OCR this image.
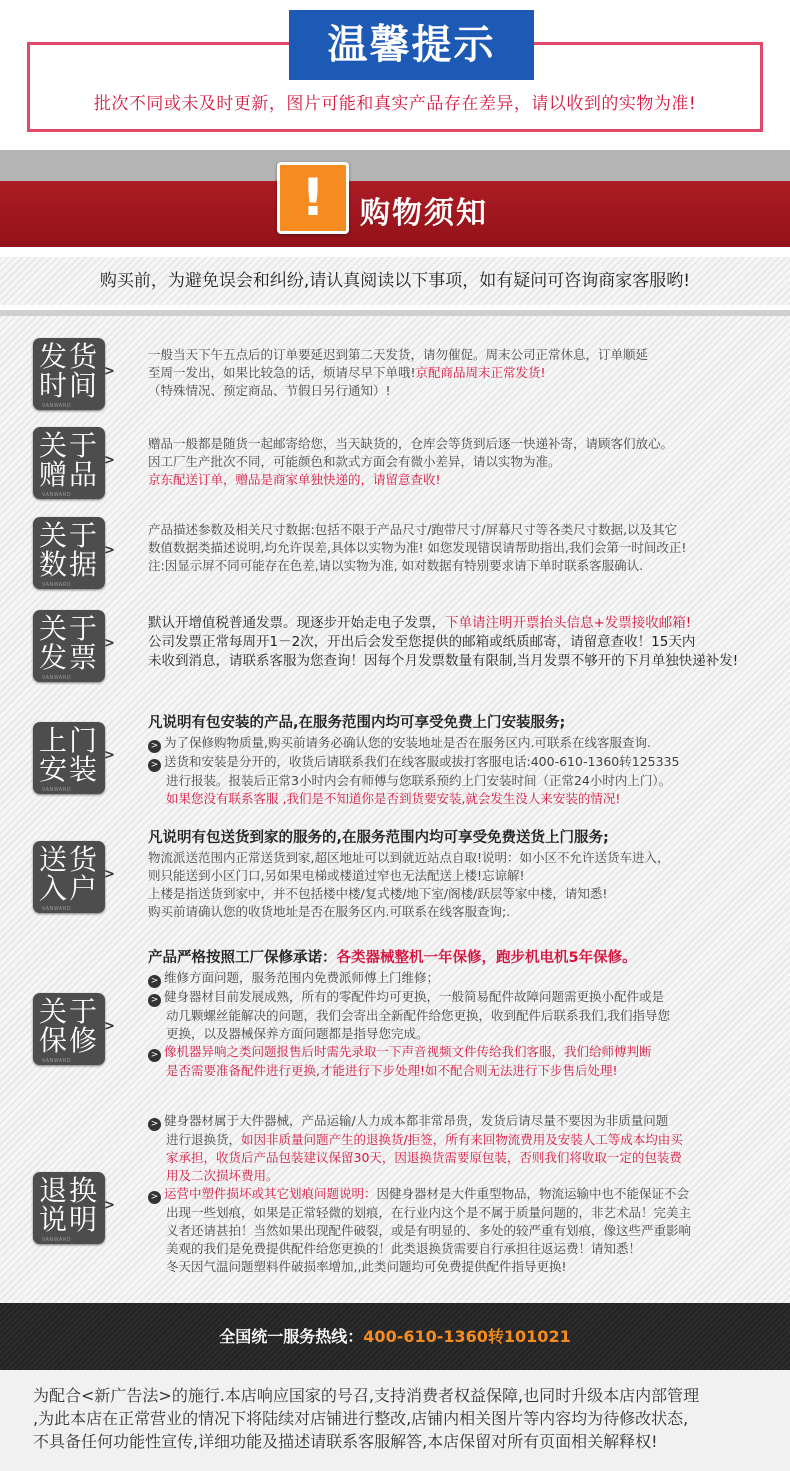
温馨提示
批次不同或未及时更新，图片可能和真实产品存在差异，请以收到的实物为准!
!	购物须知
购买前，为避免误会和纠纷,请认真阅读以下事项，如有疑问可咨询商家客服哟!
发货
时间
VANWARD
>

一般当天下午五点后的订单要延迟到第二天发货，请勿催促。周末公司正常休息，订单顺延

至周一发出，如果比较急的话，烦请尽早下单哦!京配商品周末正常发货!

（特殊情况、预定商品、节假日另行通知）!

关于
赠品
VANWARD
>

赠品一般都是随货一起邮寄给您，当天缺货的，仓库会等货到后逐一快递补寄，请顾客们放心。

因工厂生产批次不同，可能颜色和款式方面会有微小差异，请以实物为准。

京东配送订单，赠品是商家单独快递的，请留意查收!

关于
数据
VANWARD
>

产品描述参数及相关尺寸数据:包括不限于产品尺寸/跑带尺寸/屏幕尺寸等各类尺寸数据,以及其它

数值数据类描述说明,均允许误差,具体以实物为准! 如您发现错误请帮助指出,我们会第一时间改正!

注:因显示屏不同可能存在色差,请以实物为准, 如对数据有特别要求请下单时联系客服确认.

关于
发票
VANWARD
>

默认开增值税普通发票。现逐步开始走电子发票，下单请注明开票抬头信息+发票接收邮箱!

公司发票正常每周开1－2次，开出后会发至您提供的邮箱或纸质邮寄，请留意查收！15天内

未收到消息，请联系客服为您查询！因每个月发票数量有限制,当月发票不够开的下月单独快递补发!

上门
安装
VANWARD
>

凡说明有包安装的产品,在服务范围内均可享受免费上门安装服务;

> 为了保修购物质量,购买前请务必确认您的安装地址是否在服务区内.可联系在线客服查询.

> 送货和安装是分开的，收货后请联系我们在线客服或拔打客服电话:400-610-1360转125335

进行报装。报装后正常3小时内会有师傅与您联系预约上门安装时间（正常24小时内上门）。

如果您没有联系客服 ,我们是不知道你是否到货要安装,就会发生没人来安装的情况!

送货
入户
VANWARD
>

凡说明有包送货到家的服务的,在服务范围内均可享受免费送货上门服务;

物流派送范围内正常送货到家,超区地址可以到就近站点自取!说明：如小区不允许送货车进入，

则只能送到小区门口,另如果电梯或楼道过窄也无法配送上楼!忘谅解!

上楼是指送货到家中，并不包括楼中楼/复式楼/地下室/阁楼/跃层等家中楼，请知悉!

购买前请确认您的收货地址是否在服务区内.可联系在线客服查询;.

关于
保修
VANWARD
>

产品严格按照工厂保修承诺：各类器械整机一年保修，跑步机电机5年保修。

> 维修方面问题，服务范围内免费派师傅上门维修；

> 健身器材目前发展成熟，所有的零配件均可更换，一般简易配件故障问题需更换小配件或是

动几颗螺丝能解决的问题，我们会寄出全新配件给您更换，收到配件后联系我们,我们指导您

更换，以及器械保养方面问题都是指导您完成。

> 像机器异响之类问题报售后时需先录取一下声音视频文件传给我们客服，我们给师傅判断

是否需要准备配件进行更换,才能进行下步处理!如不配合则无法进行下步售后处理!

退换
说明
VANWARD
>

> 健身器材属于大件器械，产品运输/人力成本都非常昂贵，发货后请尽量不要因为非质量问题

进行退换货，如因非质量问题产生的退换货/拒签，所有来回物流费用及安装人工等成本均由买

家承担，收货后产品包装建议保留30天，因退换货需要原包装，否则我们将收取一定的包装费

用及二次损坏费用。

> 运营中塑件损坏或其它划痕问题说明：因健身器材是大件重型物品，物流运输中也不能保证不会

出现一些划痕，如果是正常轻微的划痕，在行业内这个是不属于质量问题的，非艺术品！完美主

义者还请甚拍！当然如果出现配件破裂，或是有明显的、多处的较严重有划痕，像这些严重影响

美观的我们是免费提供配件给您更换的！此类退换货需要自行承担往返运费！请知悉！

冬天因气温问题塑料件破损率增加,,此类问题均可免费提供配件指导更换!

全国统一服务热线：400-610-1360转101021

为配合<新广告法>的施行.本店响应国家的号召,支持消费者权益保障,也同时升级本店内部管理

,为此本店在正常营业的情况下将陆续对店铺进行整改,店铺内相关图片等内容均为待修改状态,

不具备任何功能性宣传,详细功能及描述请联系客服解答,本店保留对所有页面相关解释权!
